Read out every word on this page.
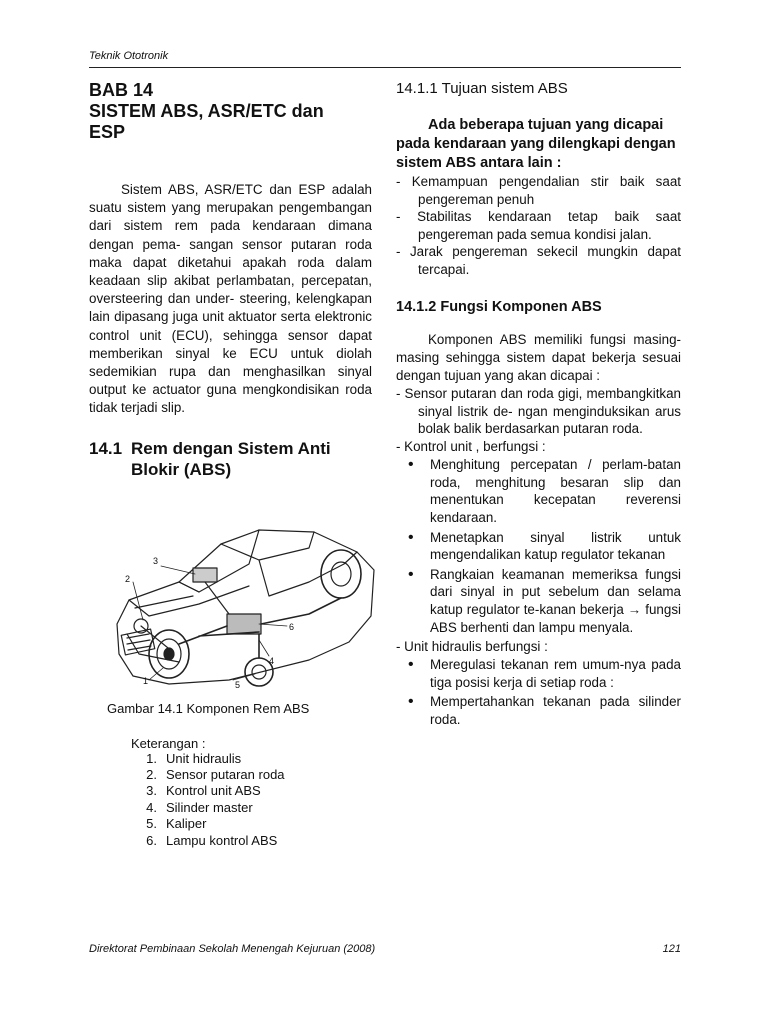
Teknik Ototronik
BAB 14
SISTEM ABS, ASR/ETC dan
ESP

Sistem ABS, ASR/ETC dan ESP adalah suatu sistem yang merupakan pengembangan dari sistem rem pada kendaraan dimana dengan pema- sangan sensor putaran roda maka dapat diketahui apakah roda dalam keadaan slip akibat perlambatan, percepatan, oversteering dan under- steering, kelengkapan lain dipasang juga unit aktuator serta elektronic control unit (ECU), sehingga sensor dapat memberikan sinyal ke ECU untuk diolah sedemikian rupa dan menghasilkan sinyal output ke actuator guna mengkondisikan roda tidak terjadi slip.

14.1 Rem dengan Sistem Anti
Blokir (ABS)
1
2
3
4
5
6

Gambar 14.1 Komponen Rem ABS

Keterangan :

1. Unit hidraulis
2. Sensor putaran roda
3. Kontrol unit ABS
4. Silinder master
5. Kaliper
6. Lampu kontrol ABS
14.1.1 Tujuan sistem ABS

Ada beberapa tujuan yang dicapai pada kendaraan yang dilengkapi dengan sistem ABS antara lain :

- Kemampuan pengendalian stir baik saat pengereman penuh
- Stabilitas kendaraan tetap baik saat pengereman pada semua kondisi jalan.
- Jarak pengereman sekecil mungkin dapat tercapai.
14.1.2 Fungsi Komponen ABS

Komponen ABS memiliki fungsi masing-masing sehingga sistem dapat bekerja sesuai dengan tujuan yang akan dicapai :

- Sensor putaran dan roda gigi, membangkitkan sinyal listrik de- ngan menginduksikan arus bolak balik berdasarkan putaran roda.

- Kontrol unit , berfungsi :

• Menghitung percepatan / perlam-batan roda, menghitung besaran slip dan menentukan kecepatan reverensi kendaraan.
• Menetapkan sinyal listrik untuk mengendalikan katup regulator tekanan
• Rangkaian keamanan memeriksa fungsi dari sinyal in put sebelum dan selama katup regulator te-kanan bekerja → fungsi ABS berhenti dan lampu menyala.

- Unit hidraulis berfungsi :

• Meregulasi tekanan rem umum-nya pada tiga posisi kerja di setiap roda :
• Mempertahankan tekanan pada silinder roda.
Direktorat Pembinaan Sekolah Menengah Kejuruan (2008)	121
